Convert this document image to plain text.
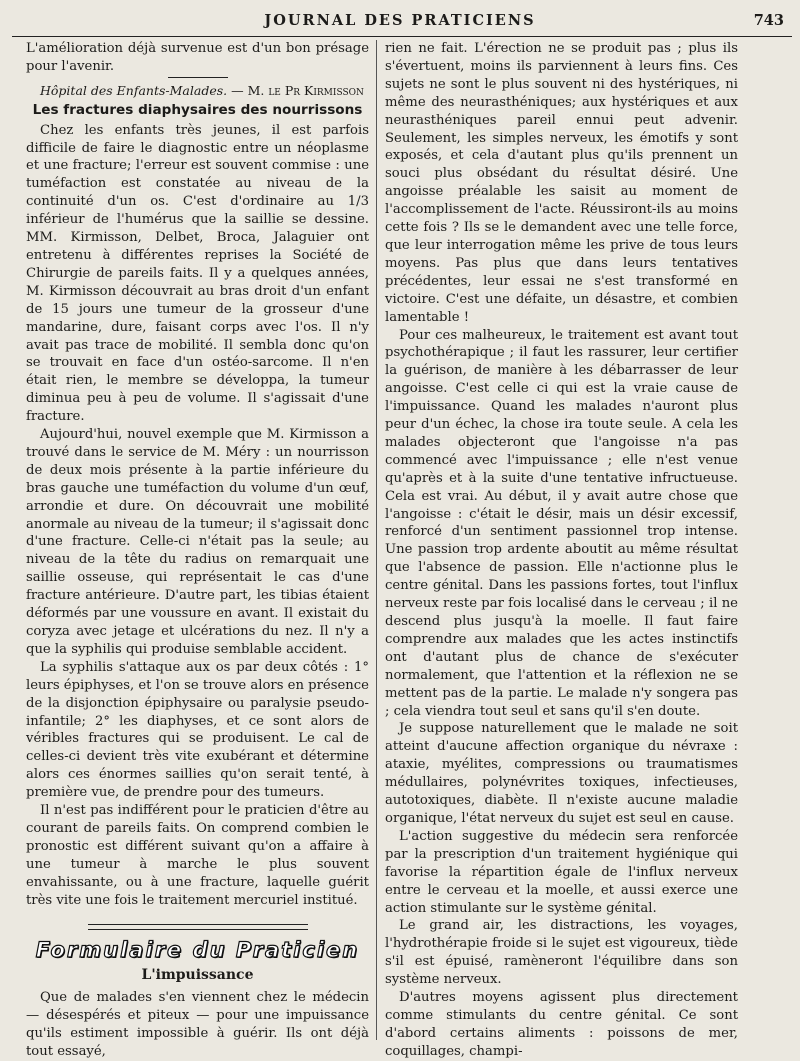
JOURNAL DES PRATICIENS	743

L'amélioration déjà survenue est d'un bon présage pour l'avenir.

Hôpital des Enfants-Malades. — M. le Pr Kirmisson

Les fractures diaphysaires des nourrissons

Chez les enfants très jeunes, il est parfois difficile de faire le diagnostic entre un néoplasme et une fracture; l'erreur est souvent commise : une tuméfaction est constatée au niveau de la continuité d'un os. C'est d'ordinaire au 1/3 inférieur de l'humérus que la saillie se dessine. MM. Kirmisson, Delbet, Broca, Jalaguier ont entretenu à différentes reprises la Société de Chirurgie de pareils faits. Il y a quelques années, M. Kirmisson découvrait au bras droit d'un enfant de 15 jours une tumeur de la grosseur d'une mandarine, dure, faisant corps avec l'os. Il n'y avait pas trace de mobilité. Il sembla donc qu'on se trouvait en face d'un ostéo-sarcome. Il n'en était rien, le membre se développa, la tumeur diminua peu à peu de volume. Il s'agissait d'une fracture.

Aujourd'hui, nouvel exemple que M. Kirmisson a trouvé dans le service de M. Méry : un nourrisson de deux mois présente à la partie inférieure du bras gauche une tuméfaction du volume d'un œuf, arrondie et dure. On découvrait une mobilité anormale au niveau de la tumeur; il s'agissait donc d'une fracture. Celle-ci n'était pas la seule; au niveau de la tête du radius on remarquait une saillie osseuse, qui représentait le cas d'une fracture antérieure. D'autre part, les tibias étaient déformés par une voussure en avant. Il existait du coryza avec jetage et ulcérations du nez. Il n'y a que la syphilis qui produise semblable accident.

La syphilis s'attaque aux os par deux côtés : 1° leurs épiphyses, et l'on se trouve alors en présence de la disjonction épiphysaire ou paralysie pseudo-infantile; 2° les diaphyses, et ce sont alors de véribles fractures qui se produisent. Le cal de celles-ci devient très vite exubérant et détermine alors ces énormes saillies qu'on serait tenté, à première vue, de prendre pour des tumeurs.

Il n'est pas indifférent pour le praticien d'être au courant de pareils faits. On comprend combien le pronostic est différent suivant qu'on a affaire à une tumeur à marche le plus souvent envahissante, ou à une fracture, laquelle guérit très vite une fois le traitement mercuriel institué.

Formulaire du Praticien
L'impuissance

Que de malades s'en viennent chez le médecin — désespérés et piteux — pour une impuissance qu'ils estiment impossible à guérir. Ils ont déjà tout essayé,

rien ne fait. L'érection ne se produit pas ; plus ils s'évertuent, moins ils parviennent à leurs fins. Ces sujets ne sont le plus souvent ni des hystériques, ni même des neurasthéniques; aux hystériques et aux neurasthéniques pareil ennui peut advenir. Seulement, les simples nerveux, les émotifs y sont exposés, et cela d'autant plus qu'ils prennent un souci plus obsédant du résultat désiré. Une angoisse préalable les saisit au moment de l'accomplissement de l'acte. Réussiront-ils au moins cette fois ? Ils se le demandent avec une telle force, que leur interrogation même les prive de tous leurs moyens. Pas plus que dans leurs tentatives précédentes, leur essai ne s'est transformé en victoire. C'est une défaite, un désastre, et combien lamentable !

Pour ces malheureux, le traitement est avant tout psychothérapique ; il faut les rassurer, leur certifier la guérison, de manière à les débarrasser de leur angoisse. C'est celle ci qui est la vraie cause de l'impuissance. Quand les malades n'auront plus peur d'un échec, la chose ira toute seule. A cela les malades objecteront que l'angoisse n'a pas commencé avec l'impuissance ; elle n'est venue qu'après et à la suite d'une tentative infructueuse. Cela est vrai. Au début, il y avait autre chose que l'angoisse : c'était le désir, mais un désir excessif, renforcé d'un sentiment passionnel trop intense. Une passion trop ardente aboutit au même résultat que l'absence de passion. Elle n'actionne plus le centre génital. Dans les passions fortes, tout l'influx nerveux reste par fois localisé dans le cerveau ; il ne descend plus jusqu'à la moelle. Il faut faire comprendre aux malades que les actes instinctifs ont d'autant plus de chance de s'exécuter normalement, que l'attention et la réflexion ne se mettent pas de la partie. Le malade n'y songera pas ; cela viendra tout seul et sans qu'il s'en doute.

Je suppose naturellement que le malade ne soit atteint d'aucune affection organique du névraxe : ataxie, myélites, compressions ou traumatismes médullaires, polynévrites toxiques, infectieuses, autotoxiques, diabète. Il n'existe aucune maladie organique, l'état nerveux du sujet est seul en cause.

L'action suggestive du médecin sera renforcée par la prescription d'un traitement hygiénique qui favorise la répartition égale de l'influx nerveux entre le cerveau et la moelle, et aussi exerce une action stimulante sur le système génital.

Le grand air, les distractions, les voyages, l'hydrothérapie froide si le sujet est vigoureux, tiède s'il est épuisé, ramèneront l'équilibre dans son système nerveux.

D'autres moyens agissent plus directement comme stimulants du centre génital. Ce sont d'abord certains aliments : poissons de mer, coquillages, champi-
